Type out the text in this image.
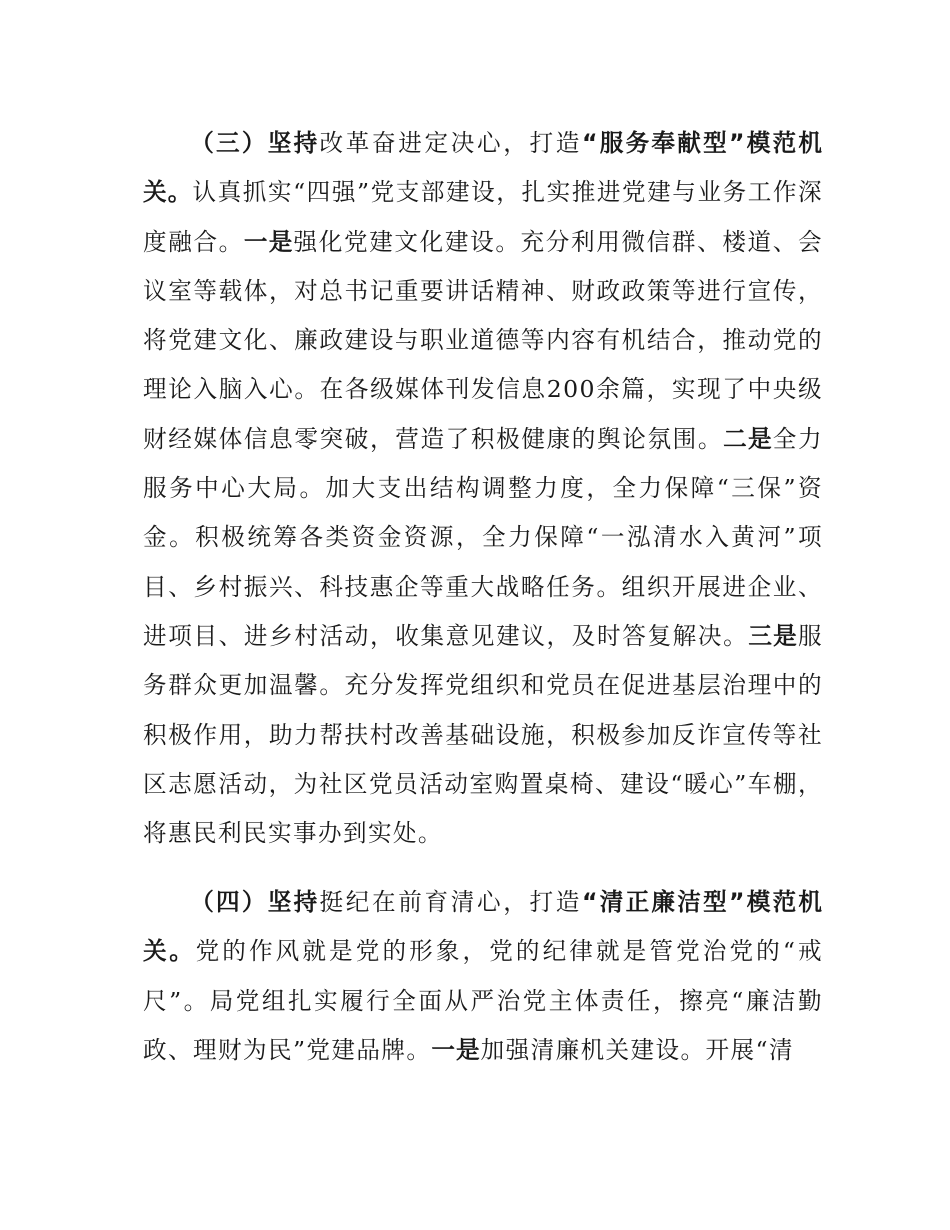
（三）坚持改革奋进定决心，打造“服务奉献型”模范机关。认真抓实“四强”党支部建设，扎实推进党建与业务工作深度融合。一是强化党建文化建设。充分利用微信群、楼道、会议室等载体，对总书记重要讲话精神、财政政策等进行宣传，将党建文化、廉政建设与职业道德等内容有机结合，推动党的理论入脑入心。在各级媒体刊发信息200余篇，实现了中央级财经媒体信息零突破，营造了积极健康的舆论氛围。二是全力服务中心大局。加大支出结构调整力度，全力保障“三保”资金。积极统筹各类资金资源，全力保障“一泓清水入黄河”项目、乡村振兴、科技惠企等重大战略任务。组织开展进企业、进项目、进乡村活动，收集意见建议，及时答复解决。三是服务群众更加温馨。充分发挥党组织和党员在促进基层治理中的积极作用，助力帮扶村改善基础设施，积极参加反诈宣传等社区志愿活动，为社区党员活动室购置桌椅、建设“暖心”车棚，将惠民利民实事办到实处。

（四）坚持挺纪在前育清心，打造“清正廉洁型”模范机关。党的作风就是党的形象，党的纪律就是管党治党的“戒尺”。局党组扎实履行全面从严治党主体责任，擦亮“廉洁勤政、理财为民”党建品牌。一是加强清廉机关建设。开展“清
